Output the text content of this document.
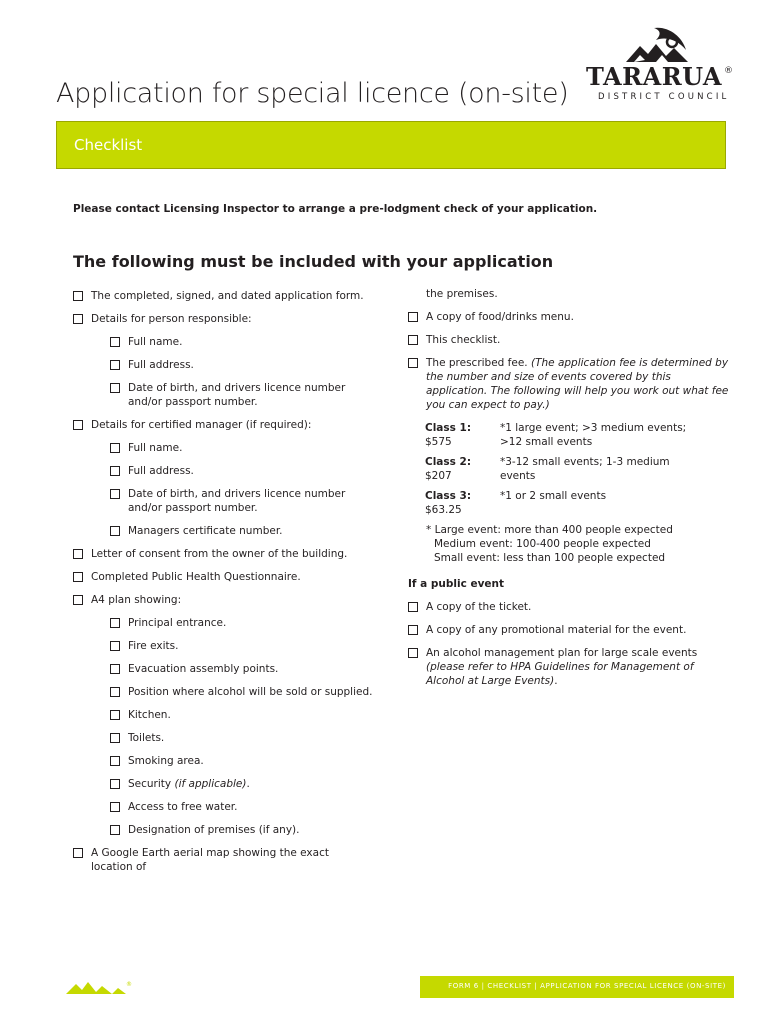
Application for special licence (on-site)
TARARUA ®
DISTRICT COUNCIL
Checklist
Please contact Licensing Inspector to arrange a pre-lodgment check of your application.
The following must be included with your application
The completed, signed, and dated application form.
Details for person responsible:
Full name.
Full address.
Date of birth, and drivers licence number and/or passport number.
Details for certified manager (if required):
Full name.
Full address.
Date of birth, and drivers licence number and/or passport number.
Managers certificate number.
Letter of consent from the owner of the building.
Completed Public Health Questionnaire.
A4 plan showing:
Principal entrance.
Fire exits.
Evacuation assembly points.
Position where alcohol will be sold or supplied.
Kitchen.
Toilets.
Smoking area.
Security (if applicable).
Access to free water.
Designation of premises (if any).
A Google Earth aerial map showing the exact location of
the premises.
A copy of food/drinks menu.
This checklist.
The prescribed fee. (The application fee is determined by the number and size of events covered by this application. The following will help you work out what fee you can expect to pay.)
Class 1: $575
*1 large event; >3 medium events; >12 small events
Class 2: $207
*3-12 small events; 1-3 medium events
Class 3: $63.25
*1 or 2 small events
* Large event: more than 400 people expected
Medium event: 100-400 people expected
Small event: less than 100 people expected
If a public event
A copy of the ticket.
A copy of any promotional material for the event.
An alcohol management plan for large scale events (please refer to HPA Guidelines for Management of Alcohol at Large Events).
®	FORM 6 | CHECKLIST | APPLICATION FOR SPECIAL LICENCE (ON-SITE)
